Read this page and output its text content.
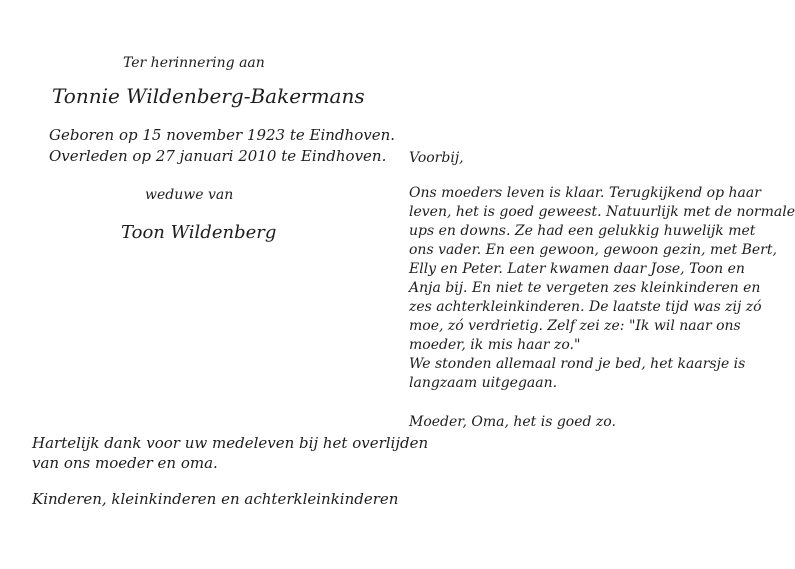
Ter herinnering aan
Tonnie Wildenberg-Bakermans
Geboren op 15 november 1923 te Eindhoven.
Overleden op 27 januari 2010 te Eindhoven.
weduwe van
Toon Wildenberg
Hartelijk dank voor uw medeleven bij het overlijden
van ons moeder en oma.
Kinderen, kleinkinderen en achterkleinkinderen
Voorbij,
Ons moeders leven is klaar. Terugkijkend op haar
leven, het is goed geweest. Natuurlijk met de normale
ups en downs. Ze had een gelukkig huwelijk met
ons vader. En een gewoon, gewoon gezin, met Bert,
Elly en Peter. Later kwamen daar Jose, Toon en
Anja bij. En niet te vergeten zes kleinkinderen en
zes achterkleinkinderen. De laatste tijd was zij zó
moe, zó verdrietig. Zelf zei ze: "Ik wil naar ons
moeder, ik mis haar zo."
We stonden allemaal rond je bed, het kaarsje is
langzaam uitgegaan.
Moeder, Oma, het is goed zo.
